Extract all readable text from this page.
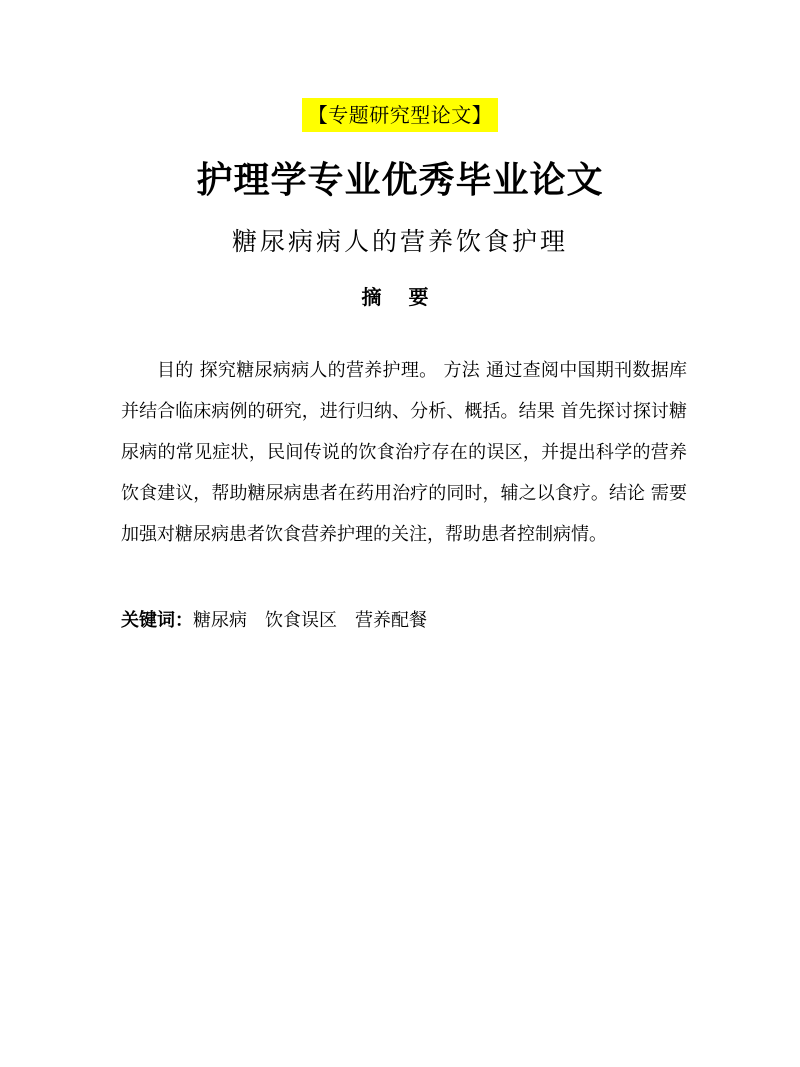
【专题研究型论文】
护理学专业优秀毕业论文
糖尿病病人的营养饮食护理
摘 要
目的 探究糖尿病病人的营养护理。 方法 通过查阅中国期刊数据库并结合临床病例的研究，进行归纳、分析、概括。结果 首先探讨探讨糖尿病的常见症状，民间传说的饮食治疗存在的误区，并提出科学的营养饮食建议，帮助糖尿病患者在药用治疗的同时，辅之以食疗。结论 需要加强对糖尿病患者饮食营养护理的关注，帮助患者控制病情。
关键词：糖尿病 饮食误区 营养配餐
